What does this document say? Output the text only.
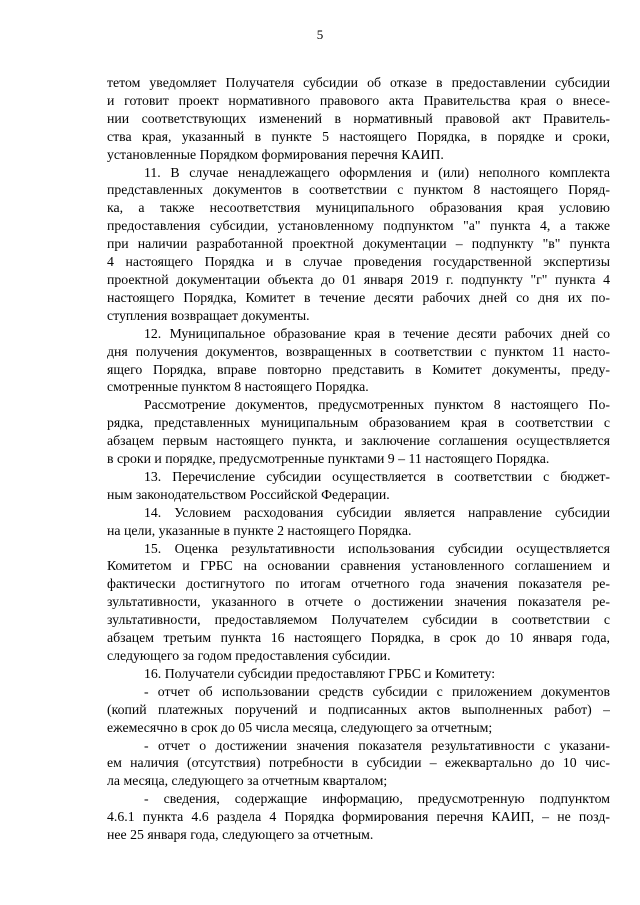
5
тетом уведомляет Получателя субсидии об отказе в предоставлении субсидии
и готовит проект нормативного правового акта Правительства края о внесе-
нии соответствующих изменений в нормативный правовой акт Правитель-
ства края, указанный в пункте 5 настоящего Порядка, в порядке и сроки,
установленные Порядком формирования перечня КАИП.
11. В случае ненадлежащего оформления и (или) неполного комплекта
представленных документов в соответствии с пунктом 8 настоящего Поряд-
ка, а также несоответствия муниципального образования края условию
предоставления субсидии, установленному подпунктом "а" пункта 4, а также
при наличии разработанной проектной документации – подпункту "в" пункта
4 настоящего Порядка и в случае проведения государственной экспертизы
проектной документации объекта до 01 января 2019 г. подпункту "г" пункта 4
настоящего Порядка, Комитет в течение десяти рабочих дней со дня их по-
ступления возвращает документы.
12. Муниципальное образование края в течение десяти рабочих дней со
дня получения документов, возвращенных в соответствии с пунктом 11 насто-
ящего Порядка, вправе повторно представить в Комитет документы, преду-
смотренные пунктом 8 настоящего Порядка.
Рассмотрение документов, предусмотренных пунктом 8 настоящего По-
рядка, представленных муниципальным образованием края в соответствии с
абзацем первым настоящего пункта, и заключение соглашения осуществляется
в сроки и порядке, предусмотренные пунктами 9 – 11 настоящего Порядка.
13. Перечисление субсидии осуществляется в соответствии с бюджет-
ным законодательством Российской Федерации.
14. Условием расходования субсидии является направление субсидии
на цели, указанные в пункте 2 настоящего Порядка.
15. Оценка результативности использования субсидии осуществляется
Комитетом и ГРБС на основании сравнения установленного соглашением и
фактически достигнутого по итогам отчетного года значения показателя ре-
зультативности, указанного в отчете о достижении значения показателя ре-
зультативности, предоставляемом Получателем субсидии в соответствии с
абзацем третьим пункта 16 настоящего Порядка, в срок до 10 января года,
следующего за годом предоставления субсидии.
16. Получатели субсидии предоставляют ГРБС и Комитету:
- отчет об использовании средств субсидии с приложением документов
(копий платежных поручений и подписанных актов выполненных работ) –
ежемесячно в срок до 05 числа месяца, следующего за отчетным;
- отчет о достижении значения показателя результативности с указани-
ем наличия (отсутствия) потребности в субсидии – ежеквартально до 10 чис-
ла месяца, следующего за отчетным кварталом;
- сведения, содержащие информацию, предусмотренную подпунктом
4.6.1 пункта 4.6 раздела 4 Порядка формирования перечня КАИП, – не позд-
нее 25 января года, следующего за отчетным.
